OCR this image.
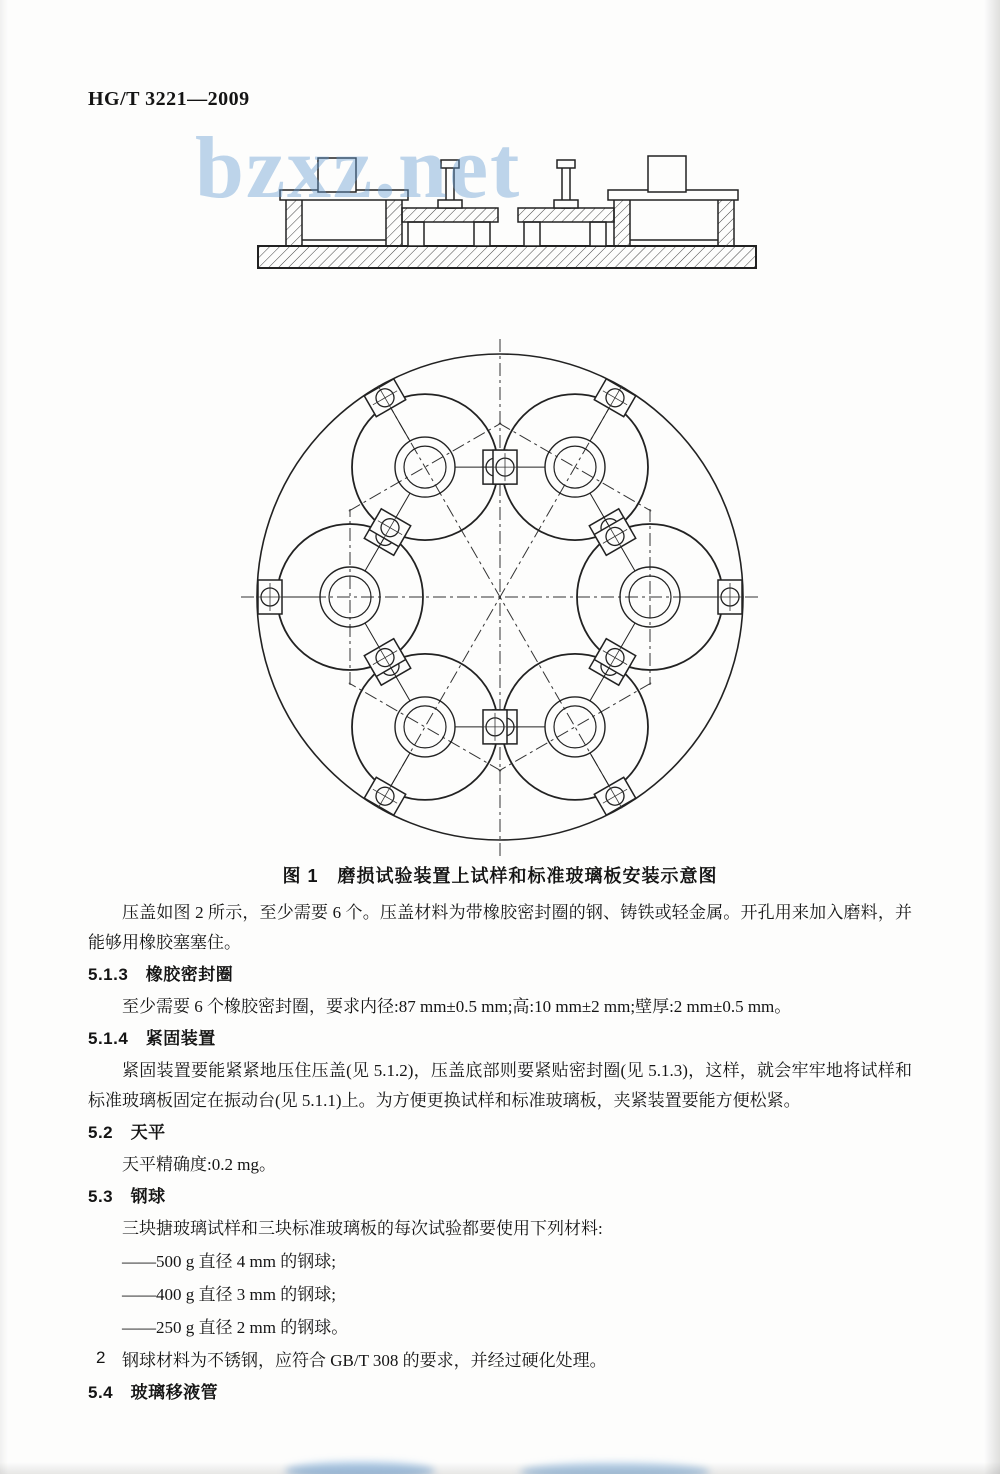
HG/T 3221—2009
bzxz.net
图 1　磨损试验装置上试样和标准玻璃板安装示意图

压盖如图 2 所示，至少需要 6 个。压盖材料为带橡胶密封圈的钢、铸铁或轻金属。开孔用来加入磨料，并能够用橡胶塞塞住。

5.1.3　橡胶密封圈

至少需要 6 个橡胶密封圈，要求内径:87 mm±0.5 mm;高:10 mm±2 mm;壁厚:2 mm±0.5 mm。

5.1.4　紧固装置

紧固装置要能紧紧地压住压盖(见 5.1.2)，压盖底部则要紧贴密封圈(见 5.1.3)，这样，就会牢牢地将试样和标准玻璃板固定在振动台(见 5.1.1)上。为方便更换试样和标准玻璃板，夹紧装置要能方便松紧。

5.2　天平

天平精确度:0.2 mg。

5.3　钢球

三块搪玻璃试样和三块标准玻璃板的每次试验都要使用下列材料:

——500 g 直径 4 mm 的钢球;

——400 g 直径 3 mm 的钢球;

——250 g 直径 2 mm 的钢球。

钢球材料为不锈钢，应符合 GB/T 308 的要求，并经过硬化处理。

5.4　玻璃移液管

2
